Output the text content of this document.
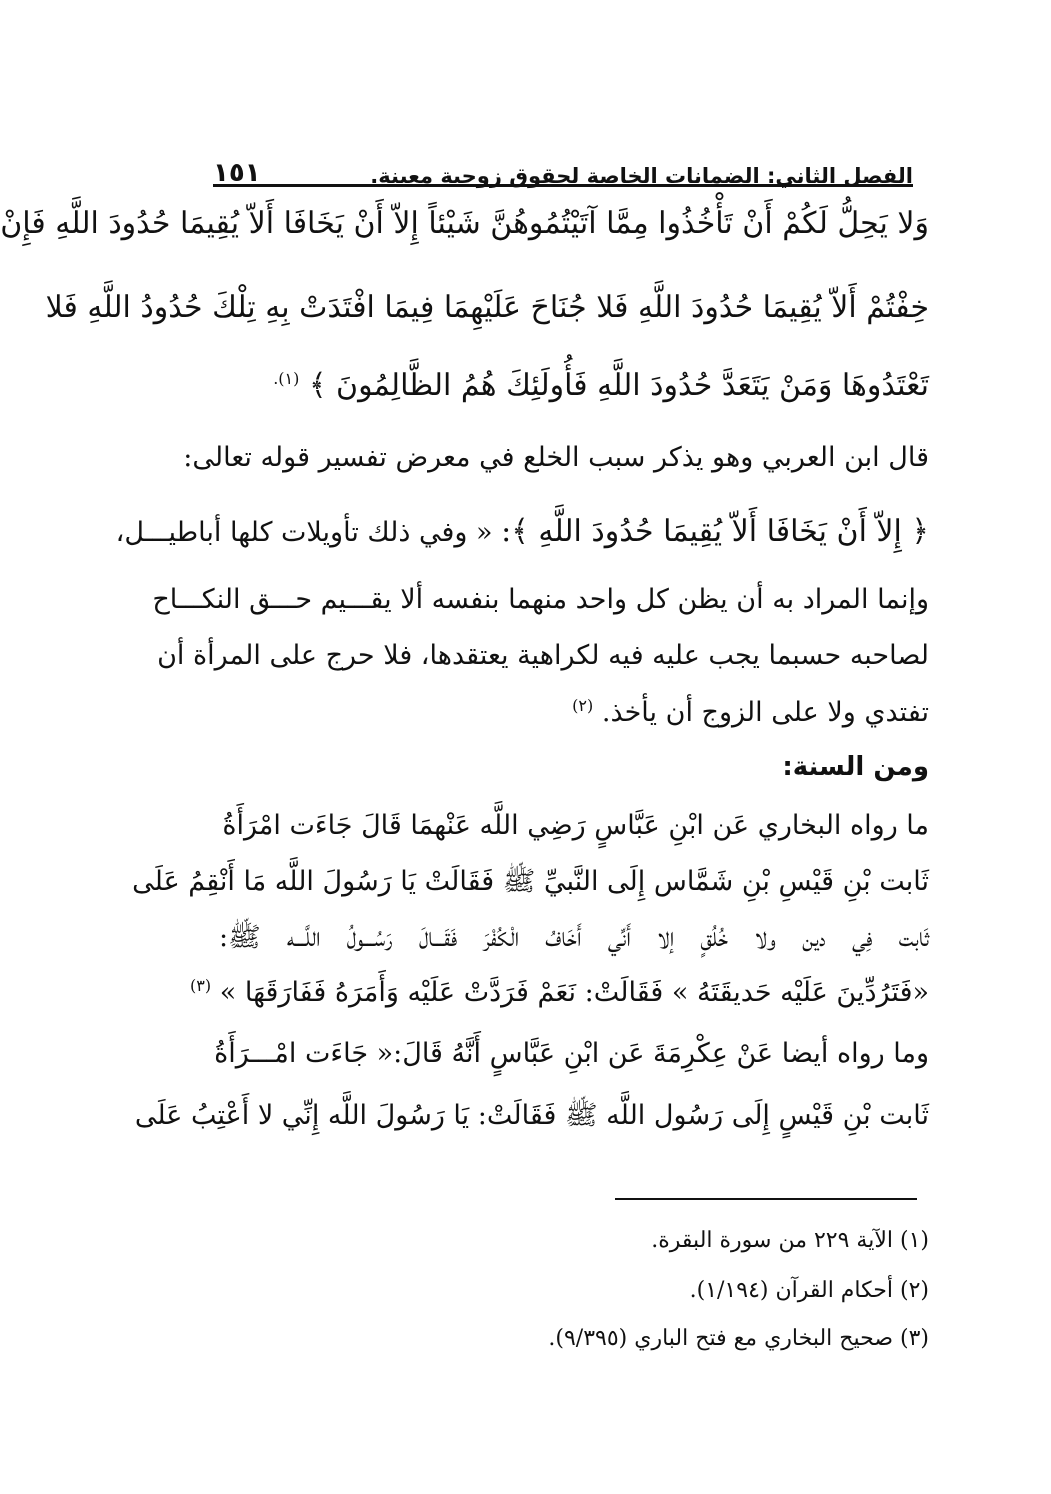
الفصل الثاني: الضمانات الخاصة لحقوق زوجية معينة.
١٥١
وَلا يَحِلُّ لَكُمْ أَنْ تَأْخُذُوا مِمَّا آتَيْتُمُوهُنَّ شَيْئاً إِلاّ أَنْ يَخَافَا أَلاّ يُقِيمَا حُدُودَ اللَّهِ فَإِنْ
خِفْتُمْ أَلاّ يُقِيمَا حُدُودَ اللَّهِ فَلا جُنَاحَ عَلَيْهِمَا فِيمَا افْتَدَتْ بِهِ تِلْكَ حُدُودُ اللَّهِ فَلا
تَعْتَدُوهَا وَمَنْ يَتَعَدَّ حُدُودَ اللَّهِ فَأُولَئِكَ هُمُ الظَّالِمُونَ ﴾ $^{(١).}$
قال ابن العربي وهو يذكر سبب الخلع في معرض تفسير قوله تعالى:
﴿ إِلاّ أَنْ يَخَافَا أَلاّ يُقِيمَا حُدُودَ اللَّهِ ﴾: « وفي ذلك تأويلات كلها أباطيـــل،
وإنما المراد به أن يظن كل واحد منهما بنفسه ألا يقـــيم حـــق النكـــاح
لصاحبه حسبما يجب عليه فيه لكراهية يعتقدها، فلا حرج على المرأة أن
تفتدي ولا على الزوج أن يأخذ. $^{(٢)}$
ومن السنة:
ما رواه البخاري عَن ابْنِ عَبَّاسٍ رَضِي اللَّه عَنْهمَا قَالَ جَاءَت امْرَأَةُ
ثَابت بْنِ قَيْسِ بْنِ شَمَّاس إِلَى النَّبيِّ ﷺ فَقَالَتْ يَا رَسُولَ اللَّه مَا أَنْقِمُ عَلَى
ثَابت فِي دين ولا خُلُقٍ إلا أَنِّي أَخَافُ الْكُفْرَ فَقَـــالَ رَسُـــولُ اللَّـــه ﷺ:
«فَتَرُدِّينَ عَلَيْه حَديقَتَهُ » فَقَالَتْ: نَعَمْ فَرَدَّتْ عَلَيْه وَأَمَرَهُ فَفَارَقَهَا » $^{(٣)}$
وما رواه أيضا عَنْ عِكْرِمَةَ عَن ابْنِ عَبَّاسٍ أَنَّهُ قَالَ:« جَاءَت امْـــرَأَةُ
ثَابت بْنِ قَيْسٍ إِلَى رَسُول اللَّه ﷺ فَقَالَتْ: يَا رَسُولَ اللَّه إِنِّي لا أَعْتِبُ عَلَى
(١) الآية ٢٢٩ من سورة البقرة.
(٢) أحكام القرآن (١/١٩٤).
(٣) صحيح البخاري مع فتح الباري (٩/٣٩٥).
